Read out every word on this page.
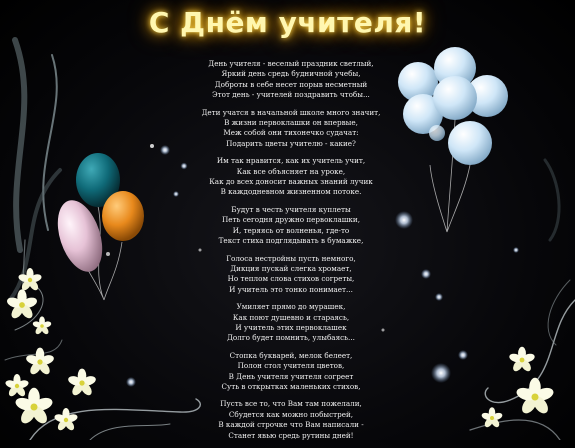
С Днём учителя!
День учителя - веселый праздник светлый,
Яркий день средь будничной учебы,
Доброты в себе несет порыв несметный
Этот день - учителей поздравить чтобы...
Дети учатся в начальной школе много значит,
В жизни первоклашки он впервые,
Меж собой они тихонечко судачат:
Подарить цветы учителю - какие?
Им так нравится, как их учитель учит,
Как все объясняет на уроке,
Как до всех доносит важных знаний лучик
В каждодневном жизненном потоке.
Будут в честь учителя куплеты
Петь сегодня дружно первоклашки,
И, теряясь от волненья, где-то
Текст стиха подглядывать в бумажке,
Голоса нестройны пусть немного,
Дикция пускай слегка хромает,
Но теплом слова стихов согреты,
И учитель это тонко понимает...
Умиляет прямо до мурашек,
Как поют душевно и стараясь,
И учитель этих первоклашек
Долго будет помнить, улыбаясь...
Стопка букварей, мелок белеет,
Полон стол учителя цветов,
В День учителя учителя согреет
Суть в открытках маленьких стихов,
Пусть все то, что Вам там пожелали,
Сбудется как можно побыстрей,
В каждой строчке что Вам написали -
Станет явью средь рутины дней!
